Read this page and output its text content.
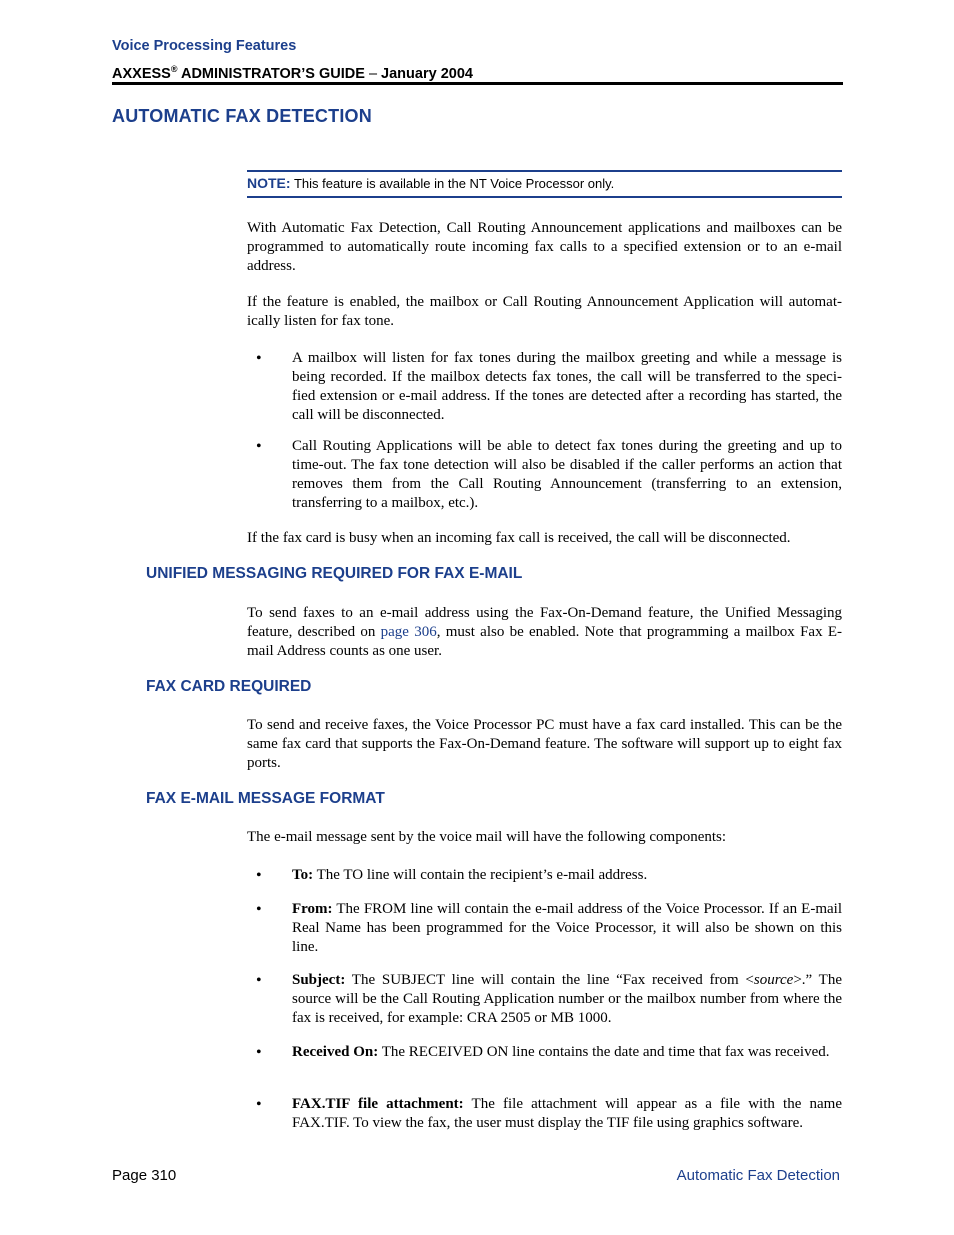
Voice Processing Features
AXXESS® ADMINISTRATOR’S GUIDE – January 2004
AUTOMATIC FAX DETECTION
NOTE: This feature is available in the NT Voice Processor only.

With Automatic Fax Detection, Call Routing Announcement applications and mailboxes can be programmed to automatically route incoming fax calls to a specified extension or to an e-mail address.

If the feature is enabled, the mailbox or Call Routing Announcement Application will automat-ically listen for fax tone.

• A mailbox will listen for fax tones during the mailbox greeting and while a message is being recorded. If the mailbox detects fax tones, the call will be transferred to the speci-fied extension or e-mail address. If the tones are detected after a recording has started, the call will be disconnected.

• Call Routing Applications will be able to detect fax tones during the greeting and up to time-out. The fax tone detection will also be disabled if the caller performs an action that removes them from the Call Routing Announcement (transferring to an extension, transferring to a mailbox, etc.).

If the fax card is busy when an incoming fax call is received, the call will be disconnected.

UNIFIED MESSAGING REQUIRED FOR FAX E-MAIL

To send faxes to an e-mail address using the Fax-On-Demand feature, the Unified Messaging feature, described on page 306, must also be enabled. Note that programming a mailbox Fax E-mail Address counts as one user.

FAX CARD REQUIRED

To send and receive faxes, the Voice Processor PC must have a fax card installed. This can be the same fax card that supports the Fax-On-Demand feature. The software will support up to eight fax ports.

FAX E-MAIL MESSAGE FORMAT

The e-mail message sent by the voice mail will have the following components:

• To: The TO line will contain the recipient’s e-mail address.

• From: The FROM line will contain the e-mail address of the Voice Processor. If an E-mail Real Name has been programmed for the Voice Processor, it will also be shown on this line.

• Subject: The SUBJECT line will contain the line “Fax received from <source>.” The source will be the Call Routing Application number or the mailbox number from where the fax is received, for example: CRA 2505 or MB 1000.

• Received On: The RECEIVED ON line contains the date and time that fax was received.

• FAX.TIF file attachment: The file attachment will appear as a file with the name FAX.TIF. To view the fax, the user must display the TIF file using graphics software.

Page 310	Automatic Fax Detection
